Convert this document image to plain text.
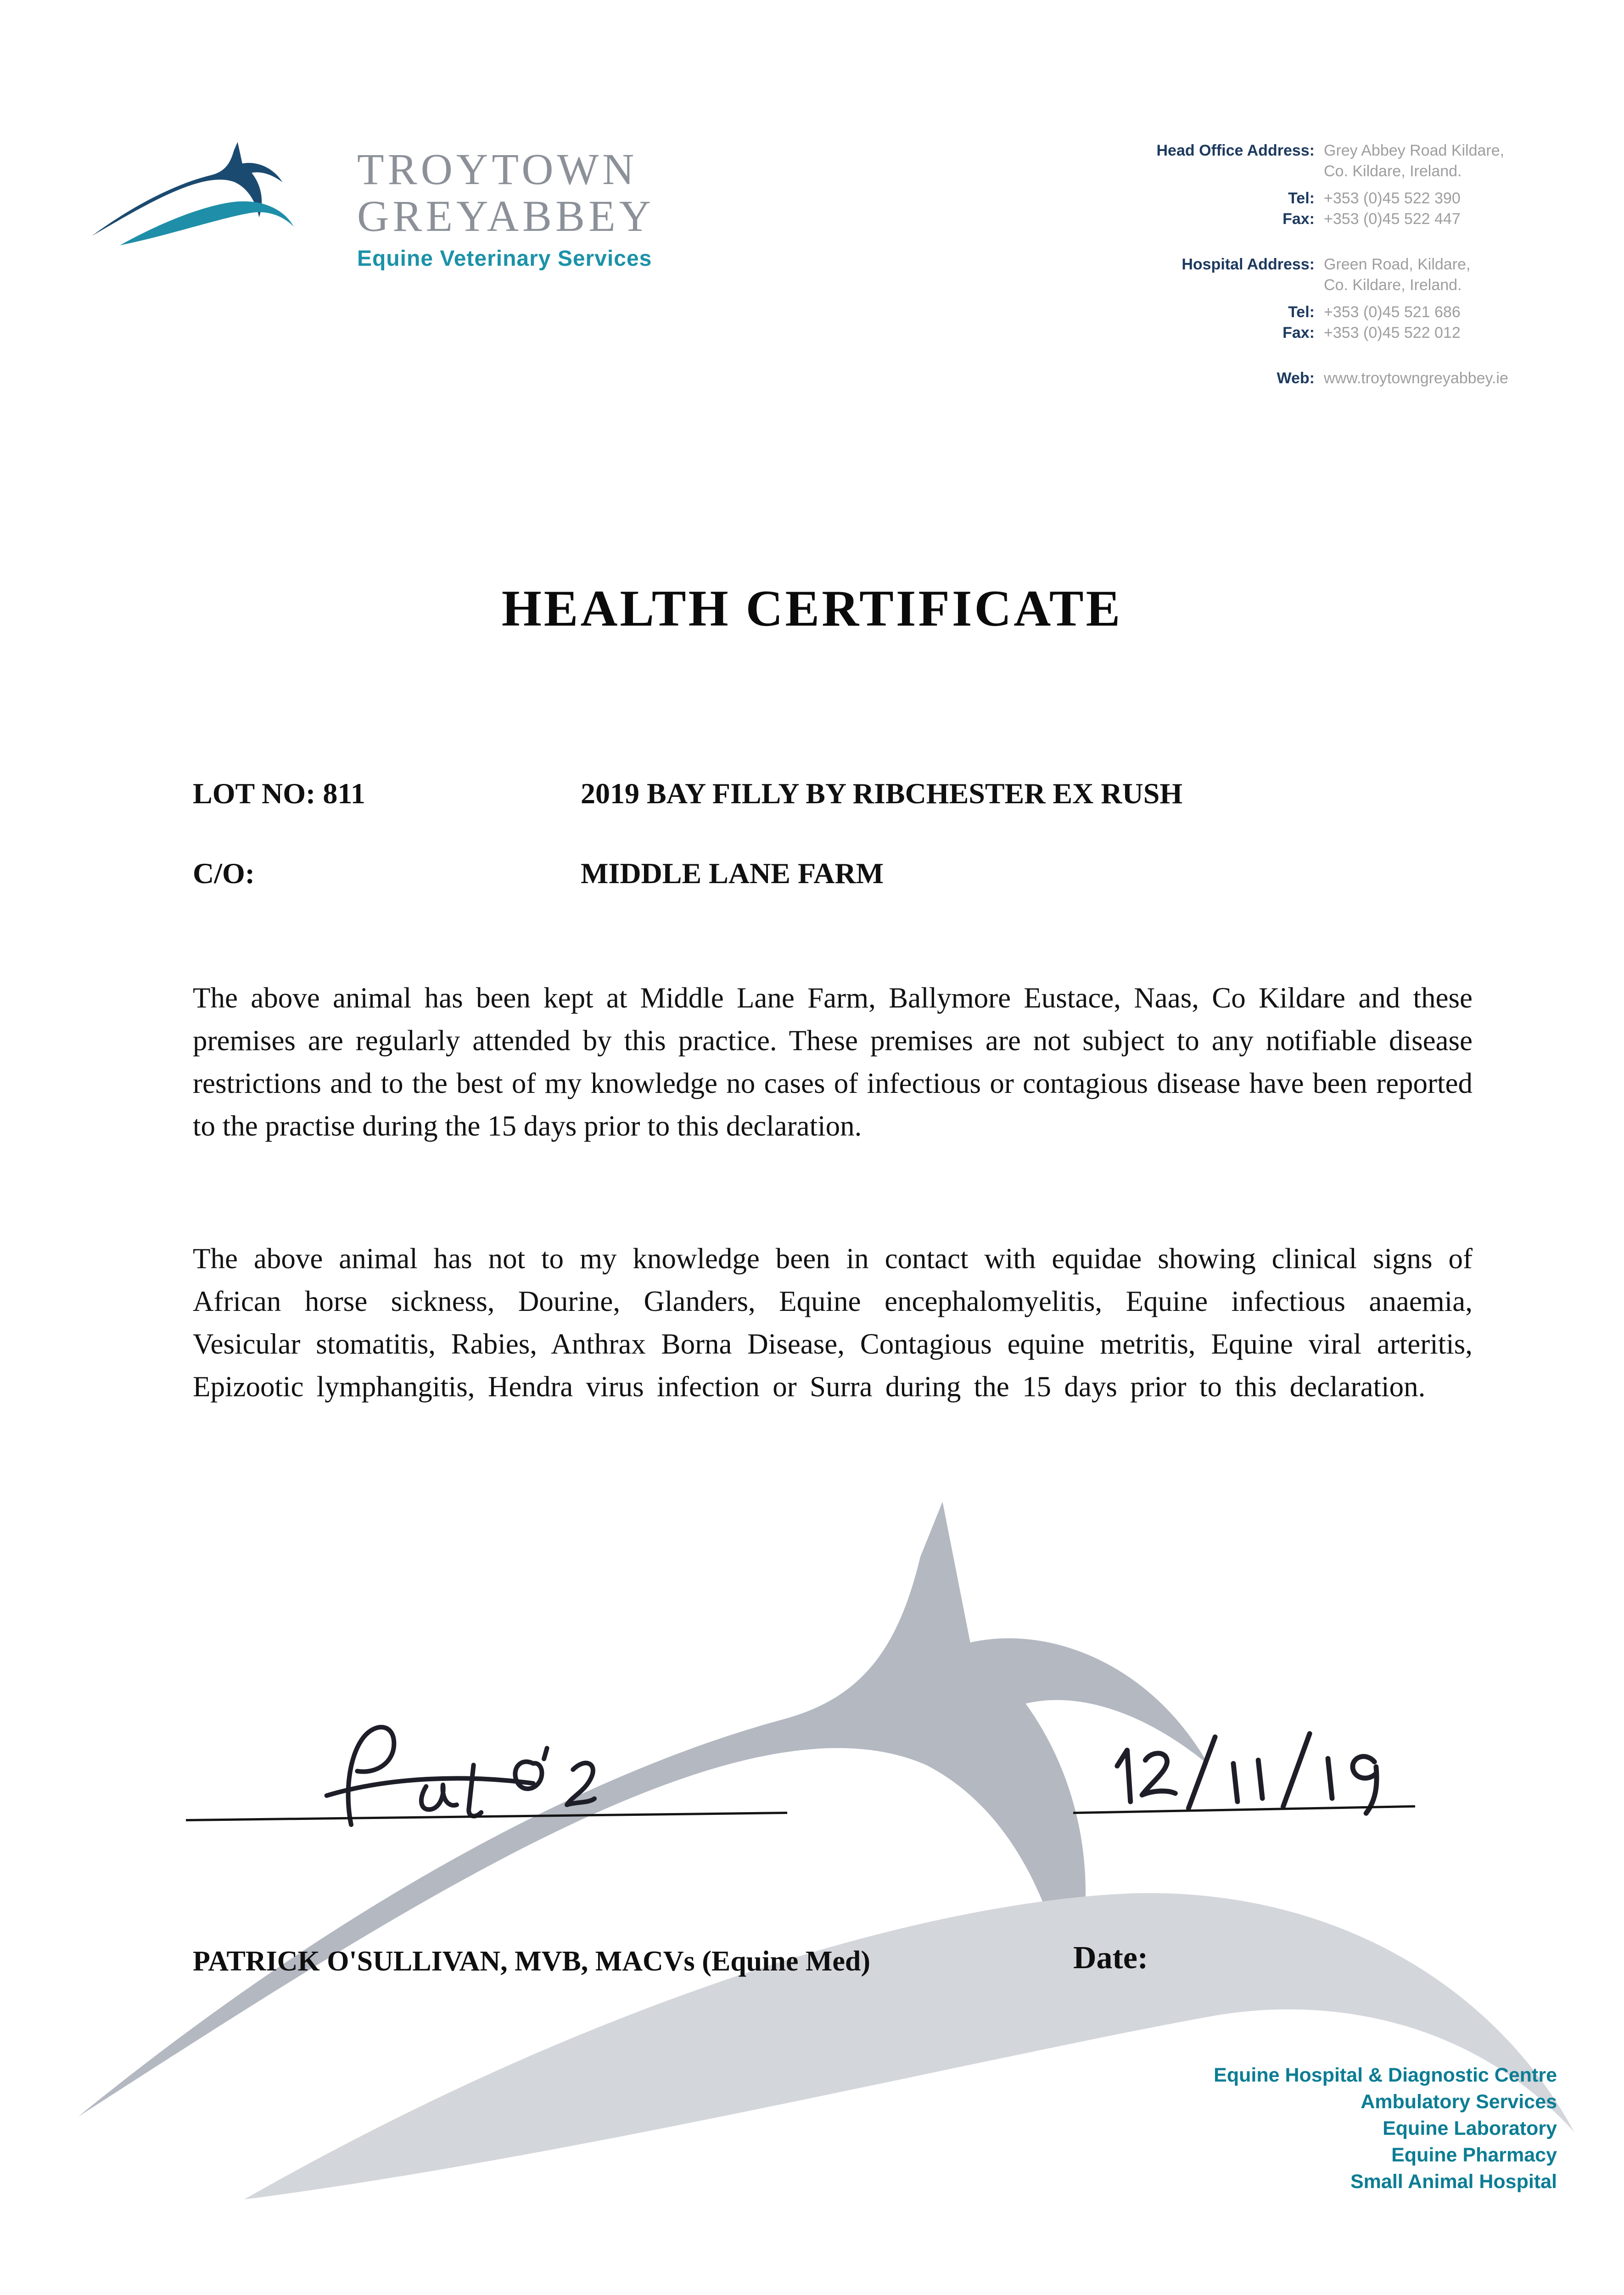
TROYTOWN
GREYABBEY
Equine Veterinary Services
Head Office Address: Grey Abbey Road Kildare,
Co. Kildare, Ireland.
Tel: +353 (0)45 522 390
Fax: +353 (0)45 522 447
Hospital Address: Green Road, Kildare,
Co. Kildare, Ireland.
Tel: +353 (0)45 521 686
Fax: +353 (0)45 522 012
Web: www.troytowngreyabbey.ie
HEALTH CERTIFICATE
LOT NO: 811	2019 BAY FILLY BY RIBCHESTER EX RUSH
C/O:	MIDDLE LANE FARM

The above animal has been kept at Middle Lane Farm, Ballymore Eustace, Naas, Co Kildare and these premises are regularly attended by this practice. These premises are not subject to any notifiable disease restrictions and to the best of my knowledge no cases of infectious or contagious disease have been reported to the practise during the 15 days prior to this declaration.

The above animal has not to my knowledge been in contact with equidae showing clinical signs of African horse sickness, Dourine, Glanders, Equine encephalomyelitis, Equine infectious anaemia, Vesicular stomatitis, Rabies, Anthrax Borna Disease, Contagious equine metritis, Equine viral arteritis, Epizootic lymphangitis, Hendra virus infection or Surra during the 15 days prior to this declaration.

PATRICK O'SULLIVAN, MVB, MACVs (Equine Med)	Date:
Equine Hospital & Diagnostic Centre
Ambulatory Services
Equine Laboratory
Equine Pharmacy
Small Animal Hospital
